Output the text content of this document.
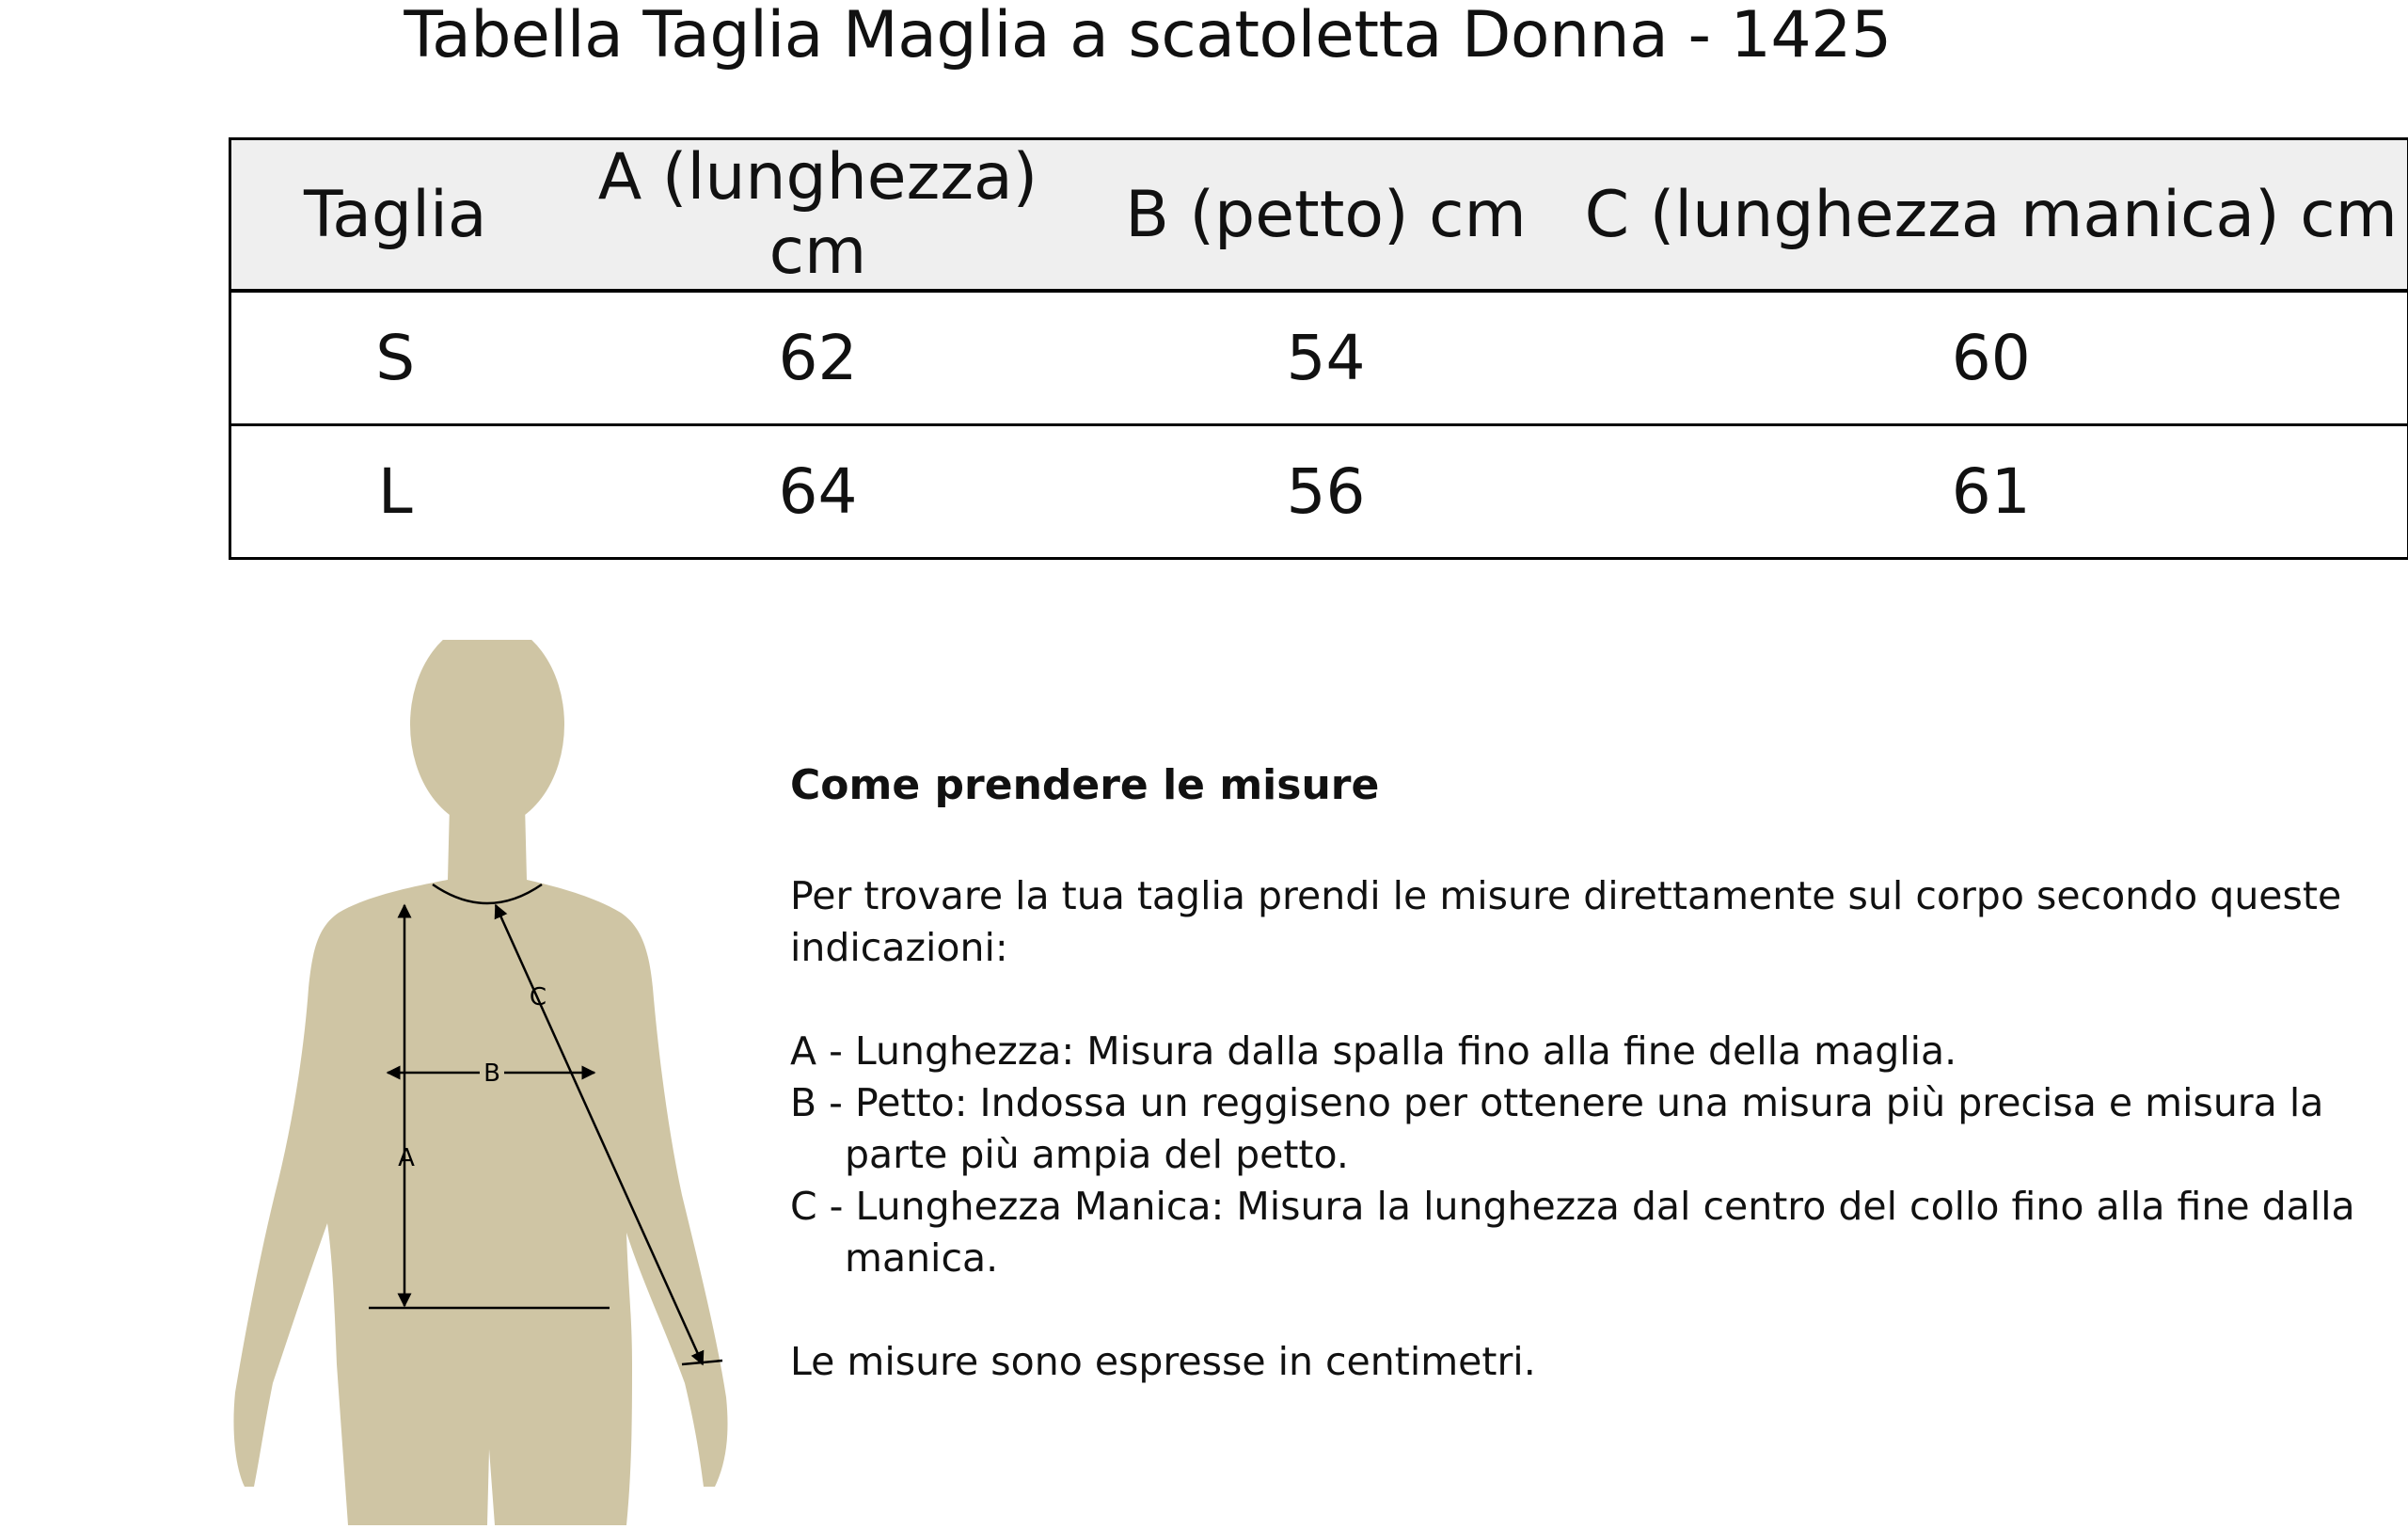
Tabella Taglia Maglia a scatoletta Donna - 1425
Taglia	A (lunghezza) cm	B (petto) cm	C (lunghezza manica) cm
S	62	54	60
L	64	56	61
A
B
C
Come prendere le misure

Per trovare la tua taglia prendi le misure direttamente sul corpo secondo queste indicazioni:

A - Lunghezza: Misura dalla spalla fino alla fine della maglia.

B - Petto: Indossa un reggiseno per ottenere una misura più precisa e misura la parte più ampia del petto.

C - Lunghezza Manica: Misura la lunghezza dal centro del collo fino alla fine dalla manica.

Le misure sono espresse in centimetri.
